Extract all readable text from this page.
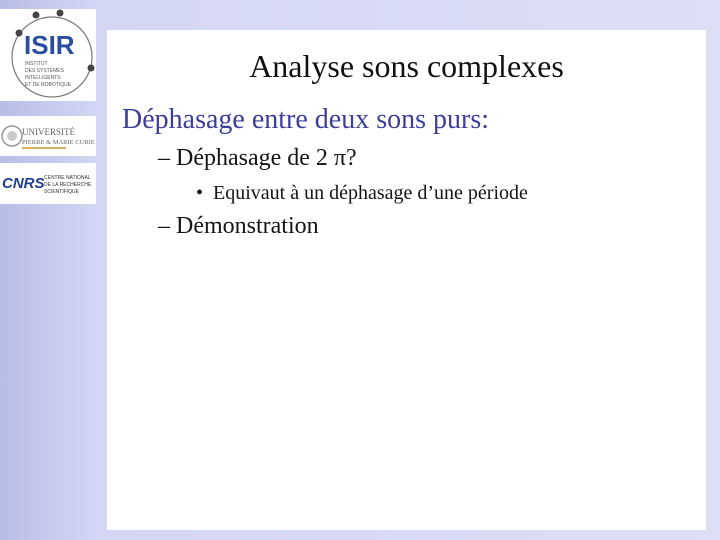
ISIR
INSTITUT
DES SYSTÈMES
INTELLIGENTS
ET DE ROBOTIQUE
UNIVERSITÉ
PIERRE & MARIE CURIE
CNRS CENTRE NATIONAL
DE LA RECHERCHE
SCIENTIFIQUE
Analyse sons complexes
Déphasage entre deux sons purs:
– Déphasage de 2 π?
• Equivaut à un déphasage d’une période
– Démonstration
